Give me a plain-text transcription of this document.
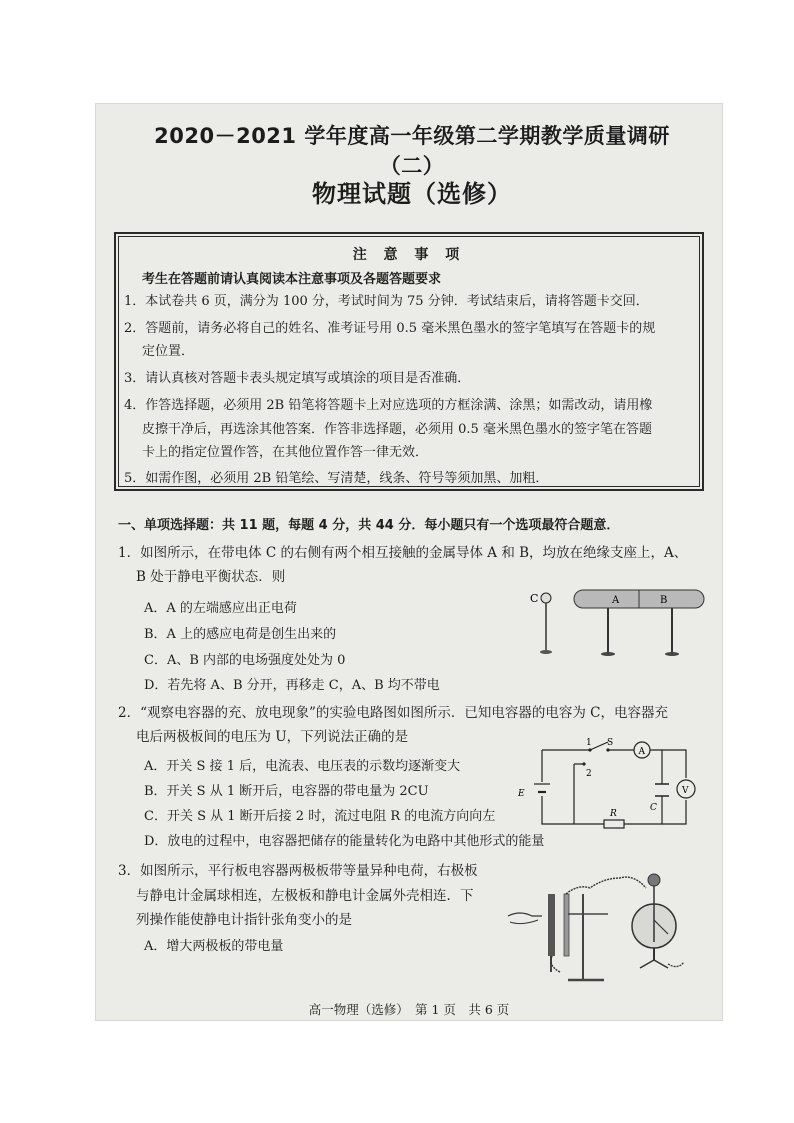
2020－2021 学年度高一年级第二学期教学质量调研（二）
物理试题（选修）
注 意 事 项
考生在答题前请认真阅读本注意事项及各题答题要求
1．本试卷共 6 页，满分为 100 分，考试时间为 75 分钟．考试结束后，请将答题卡交回．
2．答题前，请务必将自己的姓名、准考证号用 0.5 毫米黑色墨水的签字笔填写在答题卡的规
定位置．
3．请认真核对答题卡表头规定填写或填涂的项目是否准确．
4．作答选择题，必须用 2B 铅笔将答题卡上对应选项的方框涂满、涂黑；如需改动，请用橡
皮擦干净后，再选涂其他答案．作答非选择题，必须用 0.5 毫米黑色墨水的签字笔在答题
卡上的指定位置作答，在其他位置作答一律无效．
5．如需作图，必须用 2B 铅笔绘、写清楚，线条、符号等须加黑、加粗．
一、单项选择题：共 11 题，每题 4 分，共 44 分．每小题只有一个选项最符合题意．
1．如图所示，在带电体 C 的右侧有两个相互接触的金属导体 A 和 B，均放在绝缘支座上，A、
B 处于静电平衡状态．则
A．A 的左端感应出正电荷
B．A 上的感应电荷是创生出来的
C．A、B 内部的电场强度处处为 0
D．若先将 A、B 分开，再移走 C，A、B 均不带电
C	A	B
2．“观察电容器的充、放电现象”的实验电路图如图所示．已知电容器的电容为 C，电容器充
电后两极板间的电压为 U，下列说法正确的是
A．开关 S 接 1 后，电流表、电压表的示数均逐渐变大
B．开关 S 从 1 断开后，电容器的带电量为 2CU
C．开关 S 从 1 断开后接 2 时，流过电阻 R 的电流方向向左
D．放电的过程中，电容器把储存的能量转化为电路中其他形式的能量
1
2
S
A
C
V
R
E
3．如图所示，平行板电容器两极板带等量异种电荷，右极板
与静电计金属球相连，左极板和静电计金属外壳相连．下
列操作能使静电计指针张角变小的是
A．增大两极板的带电量
高一物理（选修）　第 1 页　共 6 页
